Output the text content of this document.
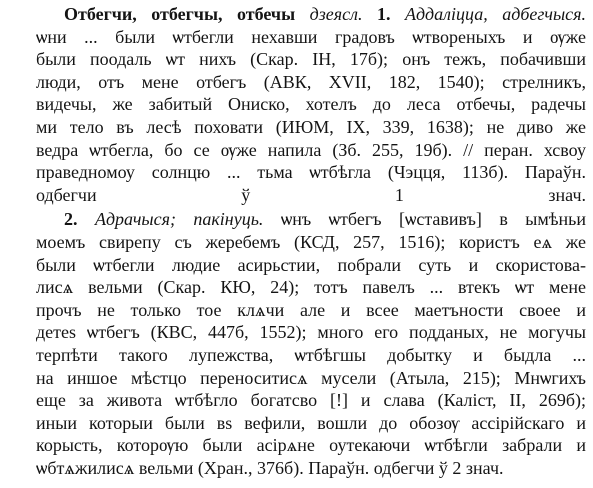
Отбегчи, отбегчы, отбечы дзеясл. 1. Аддаліцца, адбегчыся.
ѡни ... были ѡтбегли нехавши градовъ ѡтвореныхъ и ѹже
были поодаль ѡт нихъ (Скар. ІН, 17б); онъ тежъ, побачивши
люди, отъ мене отбегъ (АВК, XVII, 182, 1540); стрелникъ,
видечы, же забитый Ониско, хотелъ до леса отбечы, радечы
ми тело въ лесѣ поховати (ИЮМ, IX, 339, 1638); не диво же
ведра ѡтбегла, бо се ѹже напила (Зб. 255, 19б). // перан. хсвоу
праведномоу солнцю ... тьма ѡтбѣгла (Чэцця, 113б). Параўн.
одбегчи ў 1 знач.
2. Адрачыся; пакінуць. ѡнъ ѡтбегъ [ѡставивъ] в ымѣньи
моемъ свирепу съ жеребемъ (КСД, 257, 1516); користъ еѧ же
были ѡтбегли людие асирьстии, побрали суть и скористова-
лисѧ вельми (Скар. КЮ, 24); тотъ павелъ ... втекъ ѡт мене
прочъ не только тое клѧчи але и всее маетъности своее и
детеs ѡтбегъ (КВС, 447б, 1552); много его подданых, не могучы
терпѣти такого лупежства, ѡтбѣгшы добытку и быдла ...
на иншое мѣстцо переноситисѧ мусели (Атыла, 215); Мнѡгихъ
еще за живота ѡтбѣгло богатсво [!] и слава (Каліст, II, 269б);
иныи которыи были вs вефили, вошли до обозѹ ассірійскаго и
корысть, которѹю были асірѧне оутекаючи ѡтбѣгли забрали и
ѡбтѧжилисѧ вельми (Хран., 376б). Параўн. одбегчи ў 2 знач.
